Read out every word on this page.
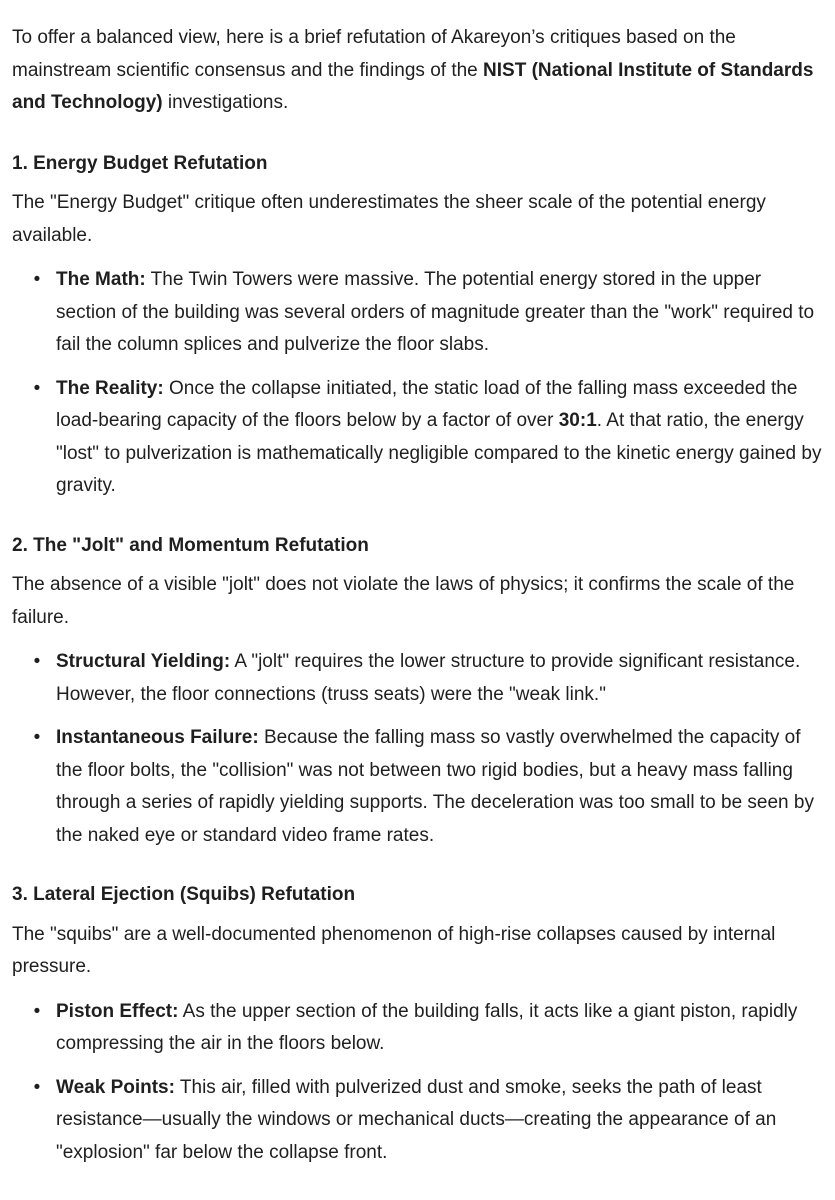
To offer a balanced view, here is a brief refutation of Akareyon’s critiques based on the mainstream scientific consensus and the findings of the NIST (National Institute of Standards and Technology) investigations.

1. Energy Budget Refutation

The "Energy Budget" critique often underestimates the sheer scale of the potential energy available.

• The Math: The Twin Towers were massive. The potential energy stored in the upper section of the building was several orders of magnitude greater than the "work" required to fail the column splices and pulverize the floor slabs.
• The Reality: Once the collapse initiated, the static load of the falling mass exceeded the load-bearing capacity of the floors below by a factor of over 30:1. At that ratio, the energy "lost" to pulverization is mathematically negligible compared to the kinetic energy gained by gravity.
2. The "Jolt" and Momentum Refutation

The absence of a visible "jolt" does not violate the laws of physics; it confirms the scale of the failure.

• Structural Yielding: A "jolt" requires the lower structure to provide significant resistance. However, the floor connections (truss seats) were the "weak link."
• Instantaneous Failure: Because the falling mass so vastly overwhelmed the capacity of the floor bolts, the "collision" was not between two rigid bodies, but a heavy mass falling through a series of rapidly yielding supports. The deceleration was too small to be seen by the naked eye or standard video frame rates.
3. Lateral Ejection (Squibs) Refutation

The "squibs" are a well-documented phenomenon of high-rise collapses caused by internal pressure.

• Piston Effect: As the upper section of the building falls, it acts like a giant piston, rapidly compressing the air in the floors below.
• Weak Points: This air, filled with pulverized dust and smoke, seeks the path of least resistance—usually the windows or mechanical ducts—creating the appearance of an "explosion" far below the collapse front.
